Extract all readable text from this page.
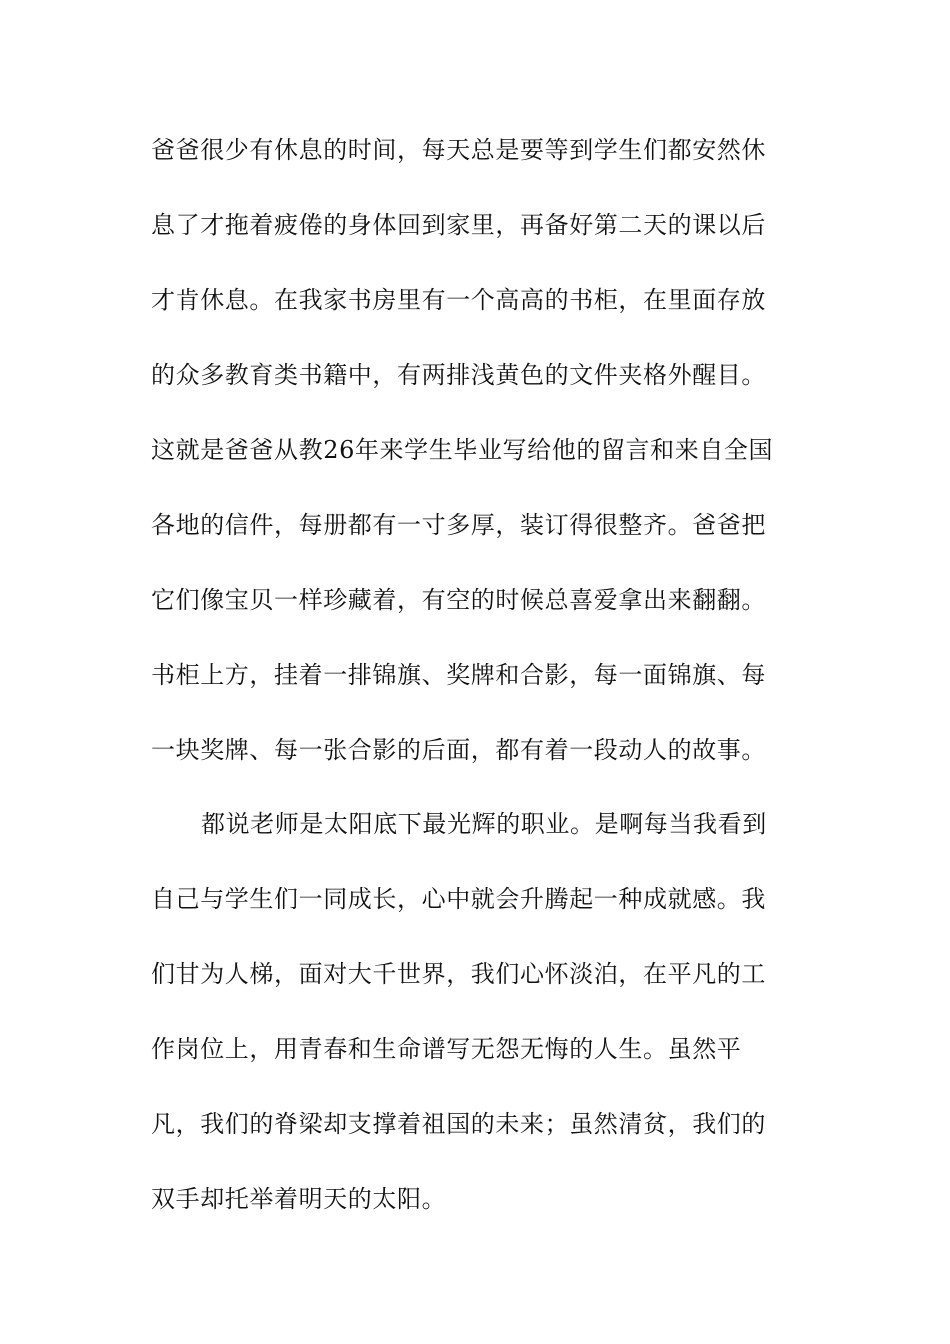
爸爸很少有休息的时间，每天总是要等到学生们都安然休
息了才拖着疲倦的身体回到家里，再备好第二天的课以后
才肯休息。在我家书房里有一个高高的书柜，在里面存放
的众多教育类书籍中，有两排浅黄色的文件夹格外醒目。
这就是爸爸从教26年来学生毕业写给他的留言和来自全国
各地的信件，每册都有一寸多厚，装订得很整齐。爸爸把
它们像宝贝一样珍藏着，有空的时候总喜爱拿出来翻翻。
书柜上方，挂着一排锦旗、奖牌和合影，每一面锦旗、每
一块奖牌、每一张合影的后面，都有着一段动人的故事。
都说老师是太阳底下最光辉的职业。是啊每当我看到
自己与学生们一同成长，心中就会升腾起一种成就感。我
们甘为人梯，面对大千世界，我们心怀淡泊，在平凡的工
作岗位上，用青春和生命谱写无怨无悔的人生。虽然平
凡，我们的脊梁却支撑着祖国的未来；虽然清贫，我们的
双手却托举着明天的太阳。
